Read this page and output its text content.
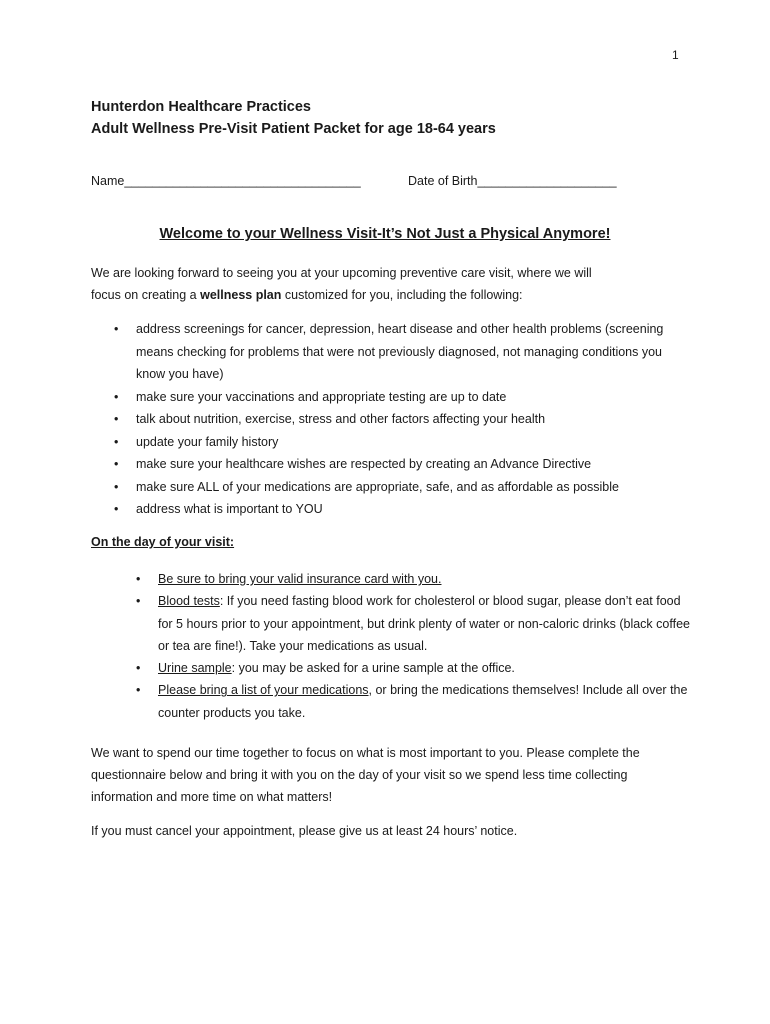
1
Hunterdon Healthcare Practices
Adult Wellness Pre-Visit Patient Packet for age 18-64 years
Name__________________________________	Date of Birth____________________
Welcome to your Wellness Visit-It’s Not Just a Physical Anymore!
We are looking forward to seeing you at your upcoming preventive care visit, where we will
focus on creating a wellness plan customized for you, including the following:
• address screenings for cancer, depression, heart disease and other health problems (screening means checking for problems that were not previously diagnosed, not managing conditions you know you have)
• make sure your vaccinations and appropriate testing are up to date
• talk about nutrition, exercise, stress and other factors affecting your health
• update your family history
• make sure your healthcare wishes are respected by creating an Advance Directive
• make sure ALL of your medications are appropriate, safe, and as affordable as possible
• address what is important to YOU
On the day of your visit:
• Be sure to bring your valid insurance card with you.
• Blood tests: If you need fasting blood work for cholesterol or blood sugar, please don’t eat food for 5 hours prior to your appointment, but drink plenty of water or non-caloric drinks (black coffee or tea are fine!). Take your medications as usual.
• Urine sample: you may be asked for a urine sample at the office.
• Please bring a list of your medications, or bring the medications themselves! Include all over the counter products you take.
We want to spend our time together to focus on what is most important to you. Please complete the questionnaire below and bring it with you on the day of your visit so we spend less time collecting information and more time on what matters!
If you must cancel your appointment, please give us at least 24 hours’ notice.
